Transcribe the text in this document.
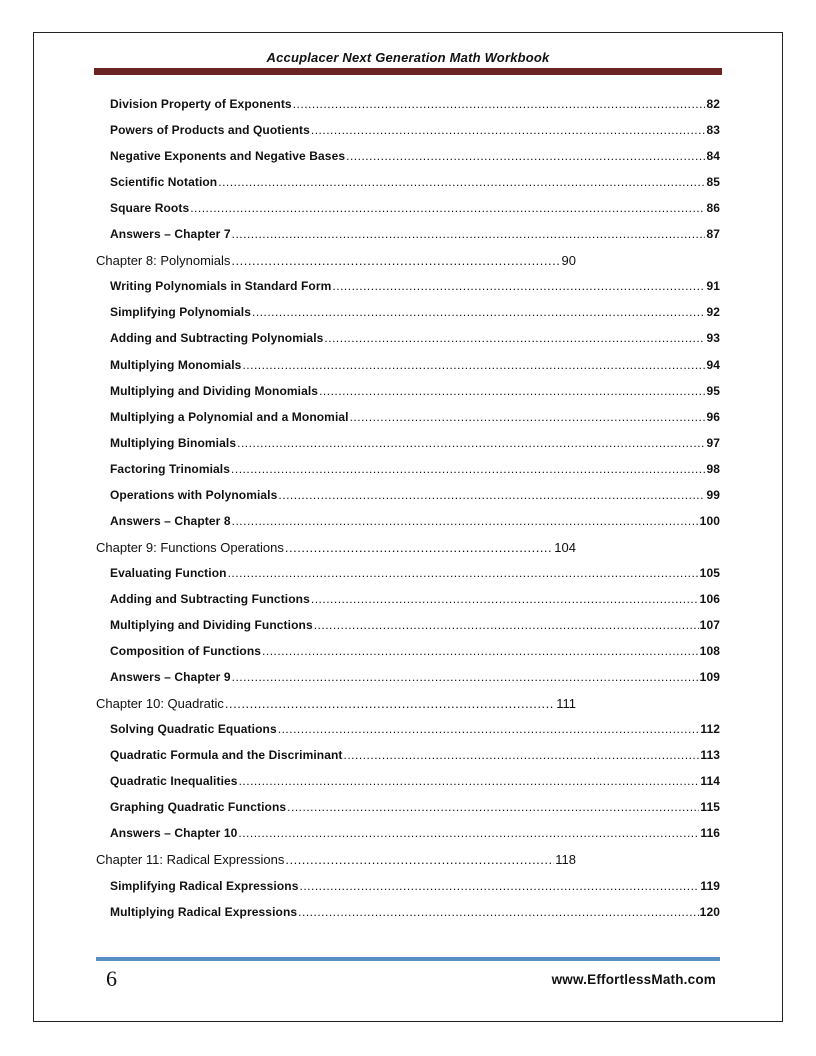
Accuplacer Next Generation Math Workbook
Division Property of Exponents .....	82
Powers of Products and Quotients .....	83
Negative Exponents and Negative Bases .....	84
Scientific Notation .....	85
Square Roots .....	86
Answers – Chapter 7 .....	87
Chapter 8: Polynomials .....	90
Writing Polynomials in Standard Form .....	91
Simplifying Polynomials .....	92
Adding and Subtracting Polynomials .....	93
Multiplying Monomials .....	94
Multiplying and Dividing Monomials .....	95
Multiplying a Polynomial and a Monomial .....	96
Multiplying Binomials .....	97
Factoring Trinomials .....	98
Operations with Polynomials .....	99
Answers – Chapter 8 .....	100
Chapter 9: Functions Operations .....	104
Evaluating Function .....	105
Adding and Subtracting Functions .....	106
Multiplying and Dividing Functions .....	107
Composition of Functions .....	108
Answers – Chapter 9 .....	109
Chapter 10: Quadratic .....	111
Solving Quadratic Equations .....	112
Quadratic Formula and the Discriminant .....	113
Quadratic Inequalities .....	114
Graphing Quadratic Functions .....	115
Answers – Chapter 10 .....	116
Chapter 11: Radical Expressions .....	118
Simplifying Radical Expressions .....	119
Multiplying Radical Expressions .....	120
6	www.EffortlessMath.com
